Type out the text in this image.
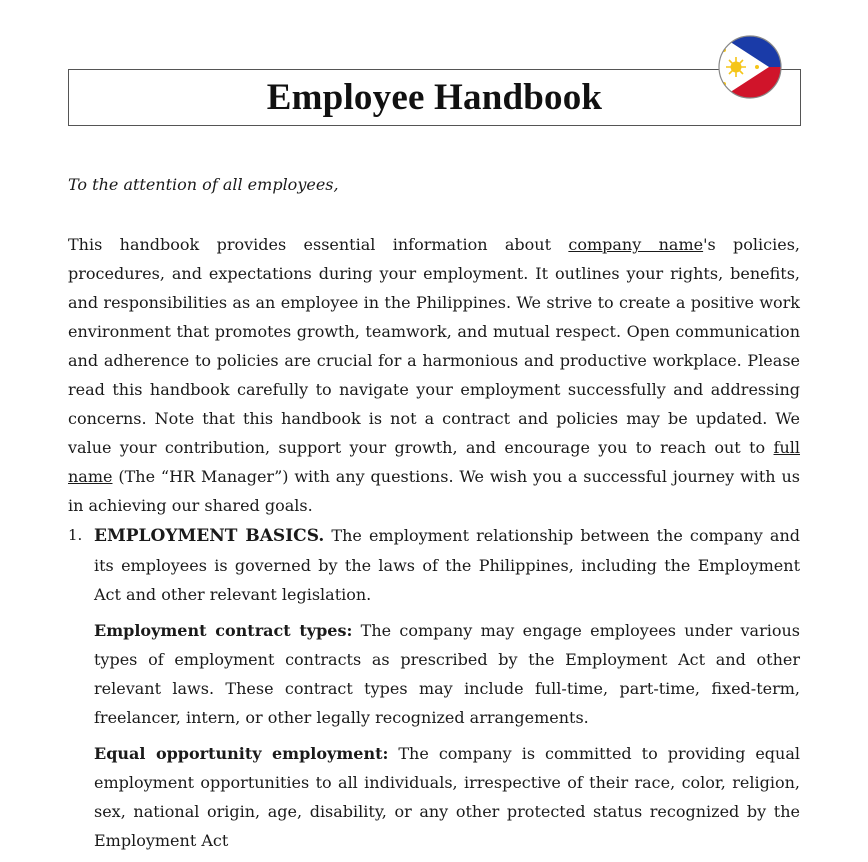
Employee Handbook

To the attention of all employees,

This handbook provides essential information about company name's policies, procedures, and expectations during your employment. It outlines your rights, benefits, and responsibilities as an employee in the Philippines. We strive to create a positive work environment that promotes growth, teamwork, and mutual respect. Open communication and adherence to policies are crucial for a harmonious and productive workplace. Please read this handbook carefully to navigate your employment successfully and addressing concerns. Note that this handbook is not a contract and policies may be updated. We value your contribution, support your growth, and encourage you to reach out to full name (The “HR Manager”) with any questions. We wish you a successful journey with us in achieving our shared goals.

1. EMPLOYMENT BASICS. The employment relationship between the company and its employees is governed by the laws of the Philippines, including the Employment Act and other relevant legislation.

Employment contract types: The company may engage employees under various types of employment contracts as prescribed by the Employment Act and other relevant laws. These contract types may include full-time, part-time, fixed-term, freelancer, intern, or other legally recognized arrangements.

Equal opportunity employment: The company is committed to providing equal employment opportunities to all individuals, irrespective of their race, color, religion, sex, national origin, age, disability, or any other protected status recognized by the Employment Act
